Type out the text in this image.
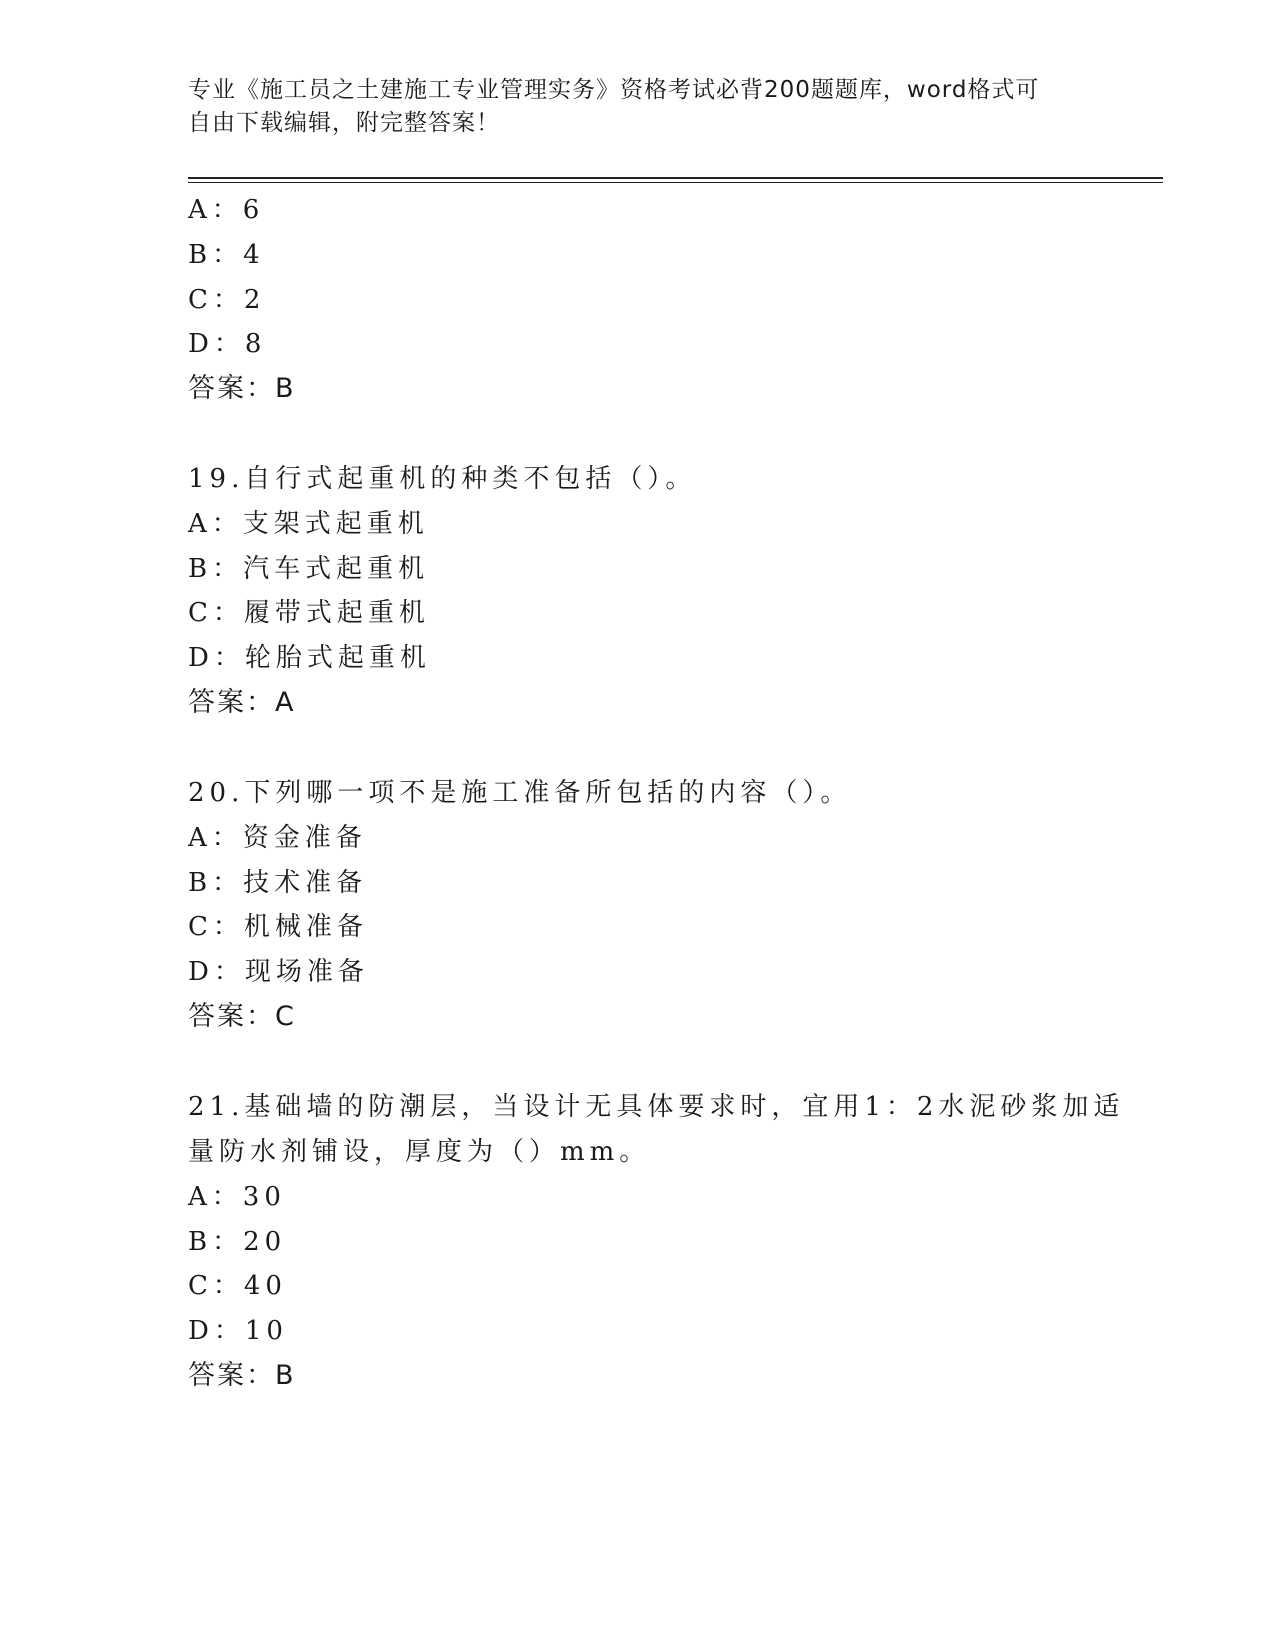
专业《施工员之土建施工专业管理实务》资格考试必背200题题库，word格式可
自由下载编辑，附完整答案！
A：6
B：4
C：2
D：8
答案：B
19.自行式起重机的种类不包括（）。
A：支架式起重机
B：汽车式起重机
C：履带式起重机
D：轮胎式起重机
答案：A
20.下列哪一项不是施工准备所包括的内容（）。
A：资金准备
B：技术准备
C：机械准备
D：现场准备
答案：C
21.基础墙的防潮层，当设计无具体要求时，宜用1：2水泥砂浆加适
量防水剂铺设，厚度为（）mm。
A：30
B：20
C：40
D：10
答案：B
